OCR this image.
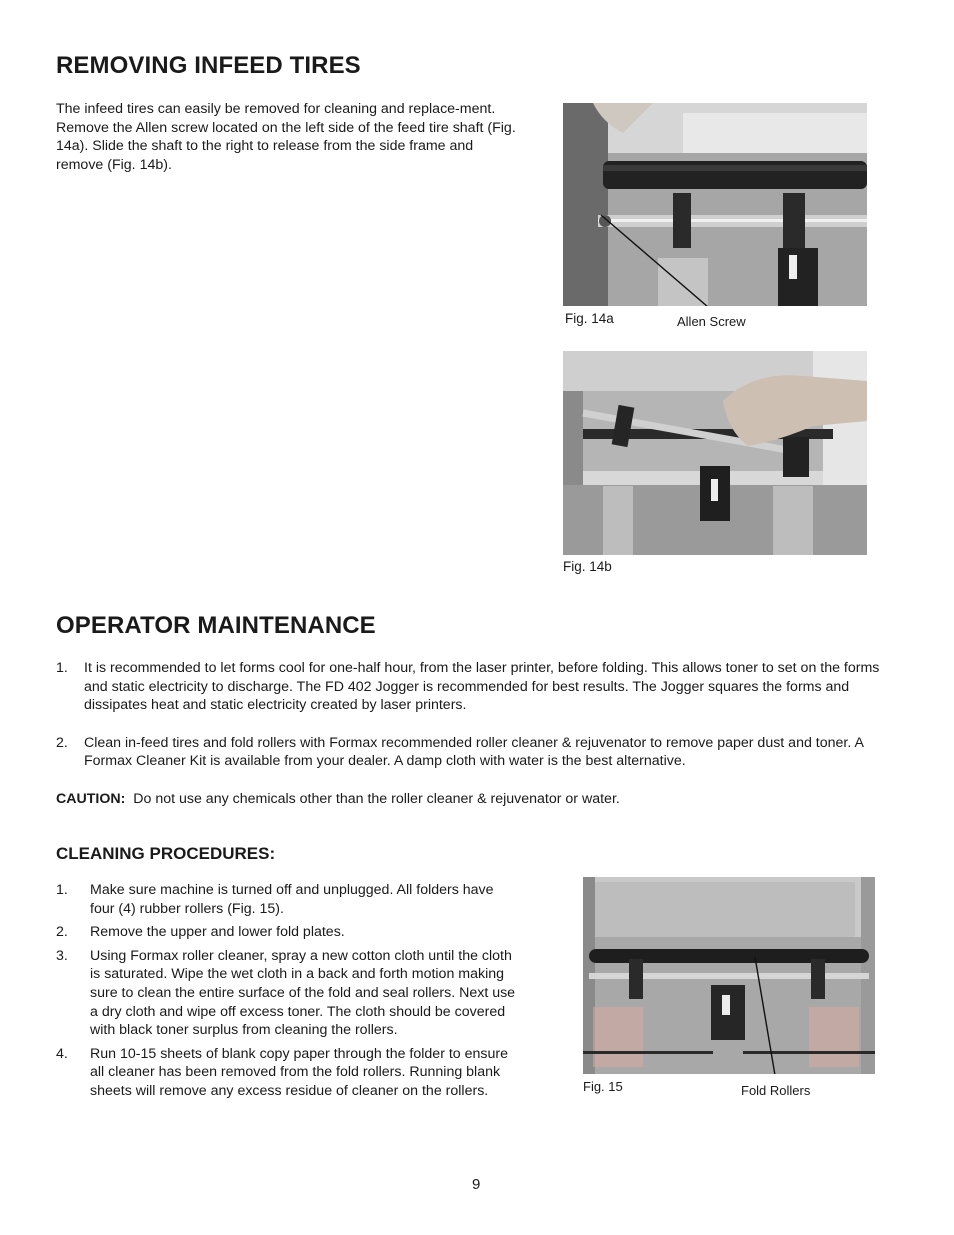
REMOVING INFEED TIRES
The infeed tires can easily be removed for cleaning and replace-ment. Remove the Allen screw located on the left side of the feed tire shaft (Fig. 14a). Slide the shaft to the right to release from the side frame and remove (Fig. 14b).
Fig. 14a	Allen Screw
Fig. 14b
OPERATOR MAINTENANCE
1. It is recommended to let forms cool for one-half hour, from the laser printer, before folding. This allows toner to set on the forms and static electricity to discharge. The FD 402 Jogger is recommended for best results. The Jogger squares the forms and dissipates heat and static electricity created by laser printers.
2. Clean in-feed tires and fold rollers with Formax recommended roller cleaner & rejuvenator to remove paper dust and toner. A Formax Cleaner Kit is available from your dealer. A damp cloth with water is the best alternative.
CAUTION: Do not use any chemicals other than the roller cleaner & rejuvenator or water.
CLEANING PROCEDURES:
1. Make sure machine is turned off and unplugged. All folders have four (4) rubber rollers (Fig. 15).
2. Remove the upper and lower fold plates.
3. Using Formax roller cleaner, spray a new cotton cloth until the cloth is saturated. Wipe the wet cloth in a back and forth motion making sure to clean the entire surface of the fold and seal rollers. Next use a dry cloth and wipe off excess toner. The cloth should be covered with black toner surplus from cleaning the rollers.
4. Run 10-15 sheets of blank copy paper through the folder to ensure all cleaner has been removed from the fold rollers. Running blank sheets will remove any excess residue of cleaner on the rollers.	Fig. 15	Fold Rollers
9
